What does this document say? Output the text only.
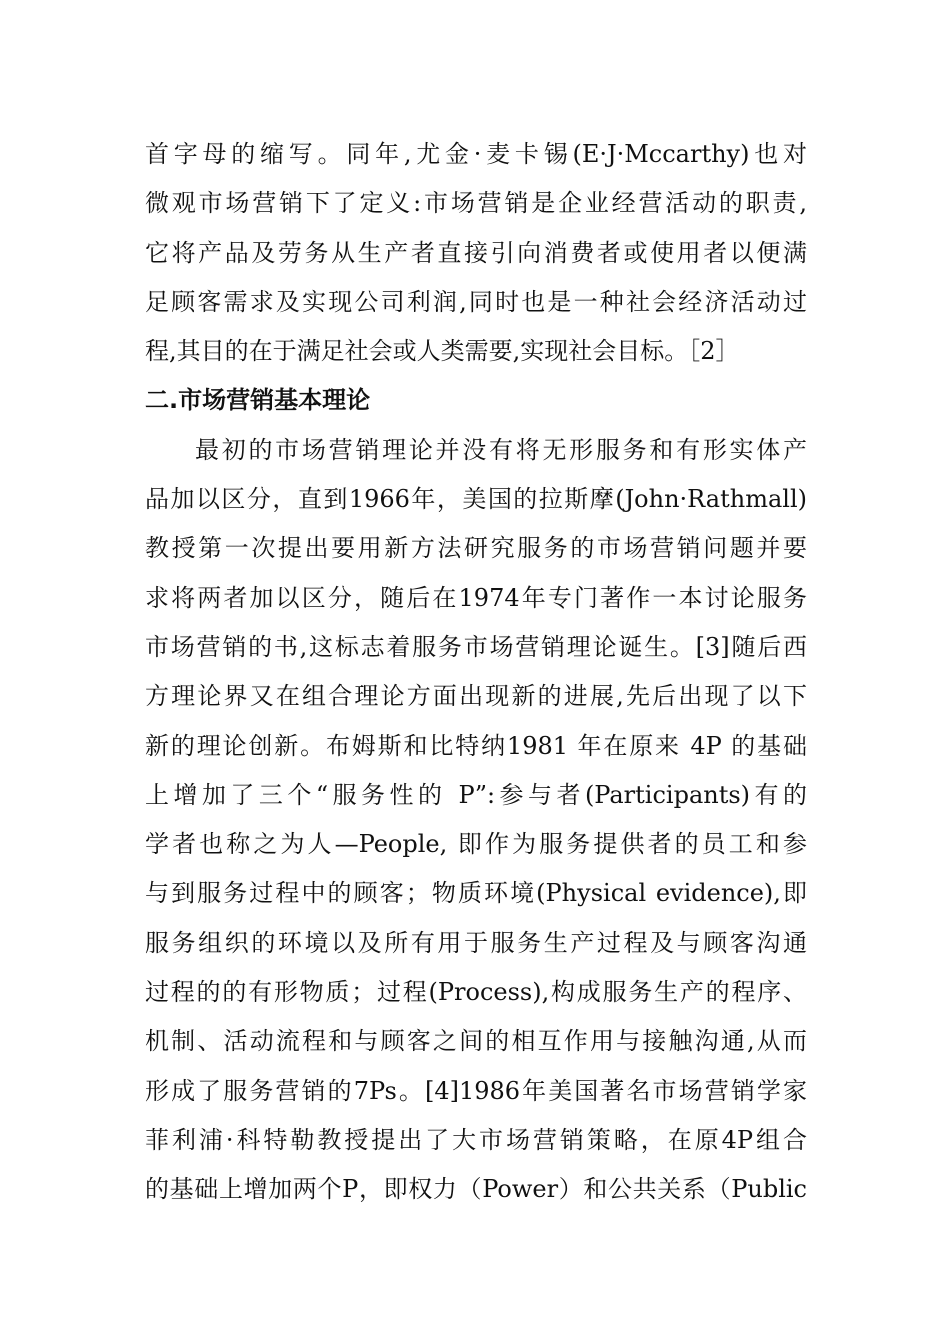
首字母的缩写。同年,尤金·麦卡锡(E·J·Mccarthy)也对
微观市场营销下了定义:市场营销是企业经营活动的职责,
它将产品及劳务从生产者直接引向消费者或使用者以便满
足顾客需求及实现公司利润,同时也是一种社会经济活动过
程,其目的在于满足社会或人类需要,实现社会目标。［2］
二.市场营销基本理论
最初的市场营销理论并没有将无形服务和有形实体产
品加以区分，直到1966年，美国的拉斯摩(John·Rathmall)
教授第一次提出要用新方法研究服务的市场营销问题并要
求将两者加以区分，随后在1974年专门著作一本讨论服务
市场营销的书,这标志着服务市场营销理论诞生。[3]随后西
方理论界又在组合理论方面出现新的进展,先后出现了以下
新的理论创新。布姆斯和比特纳1981 年在原来 4P 的基础
上增加了三个“服务性的 P”:参与者(Participants)有的
学者也称之为人—People, 即作为服务提供者的员工和参
与到服务过程中的顾客；物质环境(Physical evidence),即
服务组织的环境以及所有用于服务生产过程及与顾客沟通
过程的的有形物质；过程(Process),构成服务生产的程序、
机制、活动流程和与顾客之间的相互作用与接触沟通,从而
形成了服务营销的7Ps。[4]1986年美国著名市场营销学家
菲利浦·科特勒教授提出了大市场营销策略，在原4P组合
的基础上增加两个P，即权力（Power）和公共关系（Public
